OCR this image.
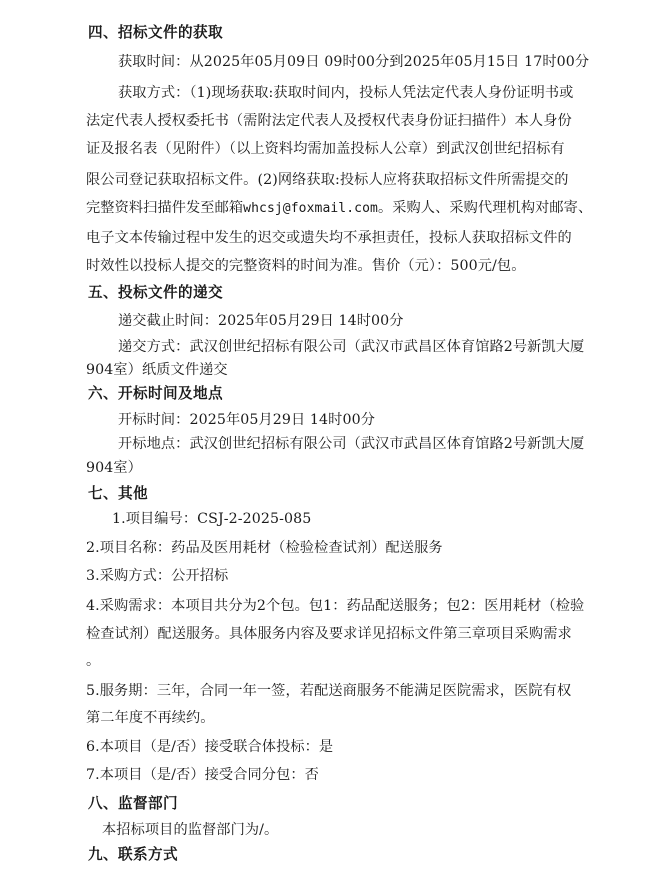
四、招标文件的获取
获取时间：从2025年05月09日 09时00分到2025年05月15日 17时00分
获取方式：（1)现场获取:获取时间内，投标人凭法定代表人身份证明书或
法定代表人授权委托书（需附法定代表人及授权代表身份证扫描件）本人身份
证及报名表（见附件）（以上资料均需加盖投标人公章）到武汉创世纪招标有
限公司登记获取招标文件。(2)网络获取:投标人应将获取招标文件所需提交的
完整资料扫描件发至邮箱whcsj@foxmail.com。采购人、采购代理机构对邮寄、
电子文本传输过程中发生的迟交或遗失均不承担责任，投标人获取招标文件的
时效性以投标人提交的完整资料的时间为准。售价（元）：500元/包。
五、投标文件的递交
递交截止时间：2025年05月29日 14时00分
递交方式：武汉创世纪招标有限公司（武汉市武昌区体育馆路2号新凯大厦
904室）纸质文件递交
六、开标时间及地点
开标时间：2025年05月29日 14时00分
开标地点：武汉创世纪招标有限公司（武汉市武昌区体育馆路2号新凯大厦
904室）
七、其他
1.项目编号：CSJ-2-2025-085
2.项目名称：药品及医用耗材（检验检查试剂）配送服务
3.采购方式：公开招标
4.采购需求：本项目共分为2个包。包1：药品配送服务；包2：医用耗材（检验
检查试剂）配送服务。具体服务内容及要求详见招标文件第三章项目采购需求
。
5.服务期：三年，合同一年一签，若配送商服务不能满足医院需求，医院有权
第二年度不再续约。
6.本项目（是/否）接受联合体投标：是
7.本项目（是/否）接受合同分包：否
八、监督部门
本招标项目的监督部门为/。
九、联系方式
